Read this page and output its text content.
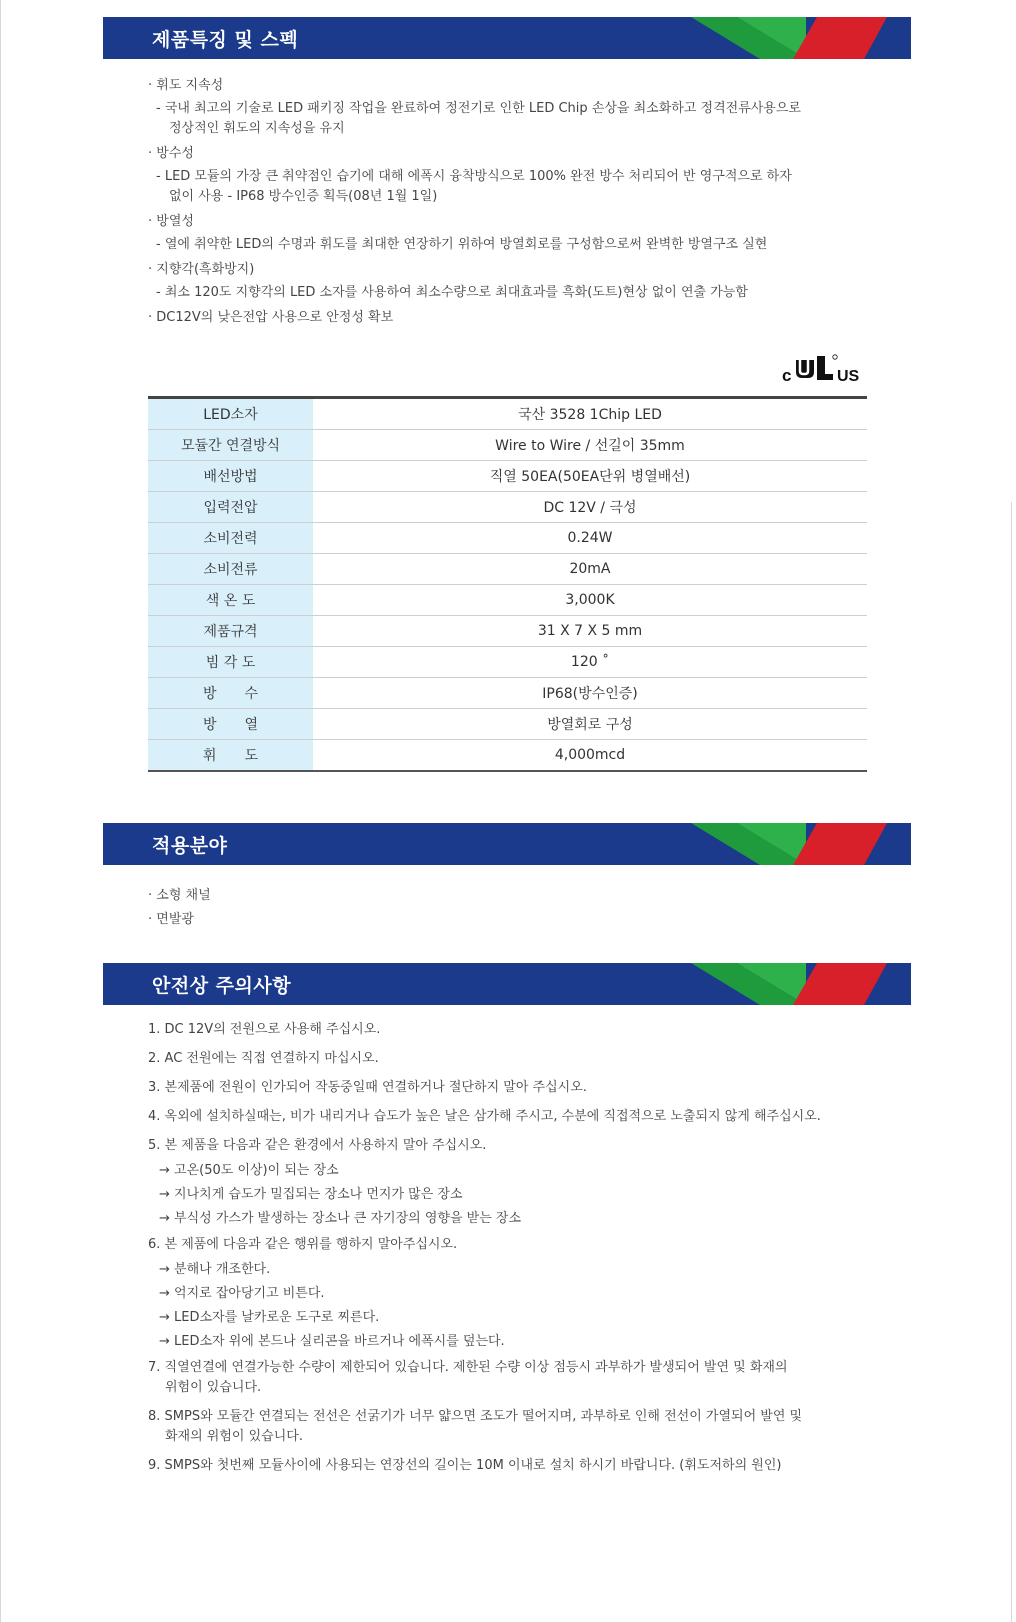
제품특징 및 스펙
· 휘도 지속성
- 국내 최고의 기술로 LED 패키징 작업을 완료하여 정전기로 인한 LED Chip 손상을 최소화하고 정격전류사용으로
정상적인 휘도의 지속성을 유지
· 방수성
- LED 모듈의 가장 큰 취약점인 습기에 대해 에폭시 융착방식으로 100% 완전 방수 처리되어 반 영구적으로 하자
없이 사용 - IP68 방수인증 획득(08년 1월 1일)
· 방열성
- 열에 취약한 LED의 수명과 휘도를 최대한 연장하기 위하여 방열회로를 구성함으로써 완벽한 방열구조 실현
· 지향각(흑화방지)
- 최소 120도 지향각의 LED 소자를 사용하여 최소수량으로 최대효과를 흑화(도트)현상 없이 연출 가능함
· DC12V의 낮은전압 사용으로 안정성 확보
c	US
LED소자	국산 3528 1Chip LED
모듈간 연결방식	Wire to Wire / 선길이 35mm
배선방법	직열 50EA(50EA단위 병열배선)
입력전압	DC 12V / 극성
소비전력	0.24W
소비전류	20mA
색 온 도	3,000K
제품규격	31 X 7 X 5 mm
빔 각 도	120 ˚
방　　수	IP68(방수인증)
방　　열	방열회로 구성
휘　　도	4,000mcd
적용분야
· 소형 채널
· 면발광
안전상 주의사항
1. DC 12V의 전원으로 사용해 주십시오.
2. AC 전원에는 직접 연결하지 마십시오.
3. 본제품에 전원이 인가되어 작동중일때 연결하거나 절단하지 말아 주십시오.
4. 옥외에 설치하실때는, 비가 내리거나 습도가 높은 날은 삼가해 주시고, 수분에 직접적으로 노출되지 않게 해주십시오.
5. 본 제품을 다음과 같은 환경에서 사용하지 말아 주십시오.
→ 고온(50도 이상)이 되는 장소
→ 지나치게 습도가 밀집되는 장소나 먼지가 많은 장소
→ 부식성 가스가 발생하는 장소나 큰 자기장의 영향을 받는 장소
6. 본 제품에 다음과 같은 행위를 행하지 말아주십시오.
→ 분해나 개조한다.
→ 억지로 잡아당기고 비튼다.
→ LED소자를 날카로운 도구로 찌른다.
→ LED소자 위에 본드나 실리콘을 바르거나 에폭시를 덮는다.
7. 직열연결에 연결가능한 수량이 제한되어 있습니다. 제한된 수량 이상 점등시 과부하가 발생되어 발연 및 화재의
위험이 있습니다.
8. SMPS와 모듈간 연결되는 전선은 선굵기가 너무 얇으면 조도가 떨어지며, 과부하로 인해 전선이 가열되어 발연 및
화재의 위험이 있습니다.
9. SMPS와 첫번째 모듈사이에 사용되는 연장선의 길이는 10M 이내로 설치 하시기 바랍니다. (휘도저하의 원인)
